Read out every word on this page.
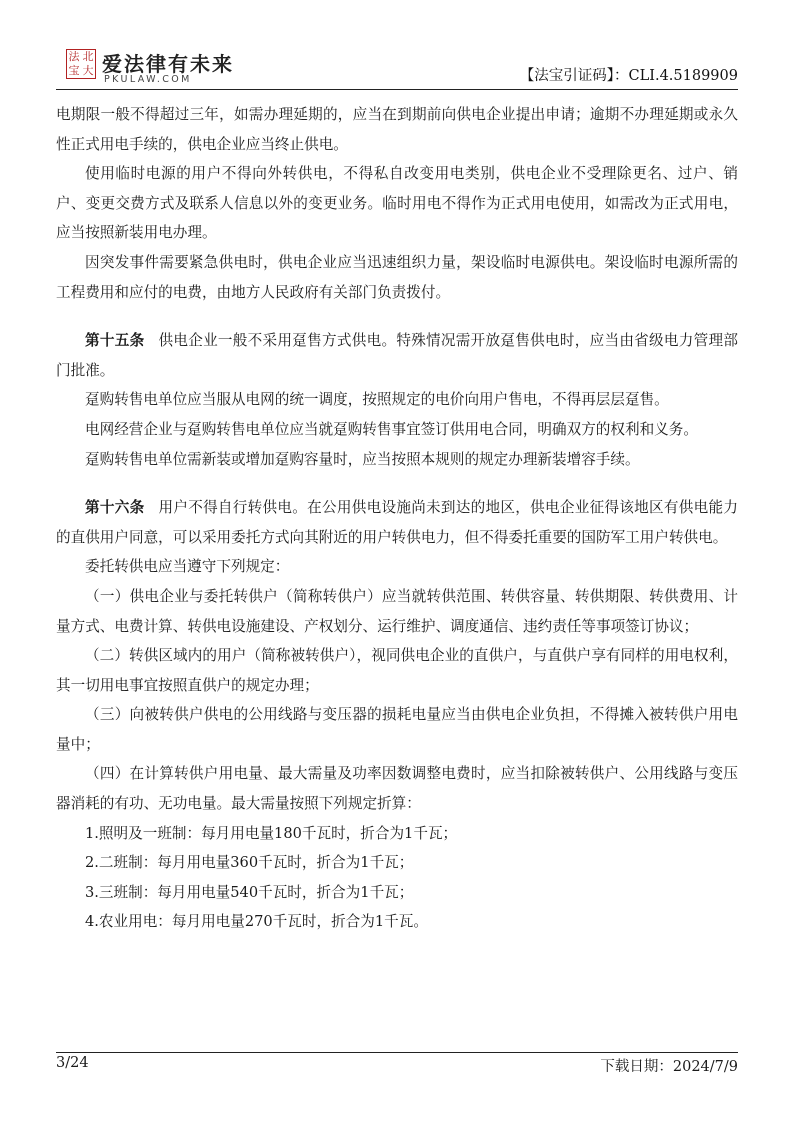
法 北
宝 大 爱法律有未来
PKULAW.COM	【法宝引证码】：CLI.4.5189909

电期限一般不得超过三年，如需办理延期的，应当在到期前向供电企业提出申请；逾期不办理延期或永久性正式用电手续的，供电企业应当终止供电。

使用临时电源的用户不得向外转供电，不得私自改变用电类别，供电企业不受理除更名、过户、销户、变更交费方式及联系人信息以外的变更业务。临时用电不得作为正式用电使用，如需改为正式用电，应当按照新装用电办理。

因突发事件需要紧急供电时，供电企业应当迅速组织力量，架设临时电源供电。架设临时电源所需的工程费用和应付的电费，由地方人民政府有关部门负责拨付。

第十五条 供电企业一般不采用趸售方式供电。特殊情况需开放趸售供电时，应当由省级电力管理部门批准。

趸购转售电单位应当服从电网的统一调度，按照规定的电价向用户售电，不得再层层趸售。

电网经营企业与趸购转售电单位应当就趸购转售事宜签订供用电合同，明确双方的权利和义务。

趸购转售电单位需新装或增加趸购容量时，应当按照本规则的规定办理新装增容手续。

第十六条 用户不得自行转供电。在公用供电设施尚未到达的地区，供电企业征得该地区有供电能力的直供用户同意，可以采用委托方式向其附近的用户转供电力，但不得委托重要的国防军工用户转供电。

委托转供电应当遵守下列规定：

（一）供电企业与委托转供户（简称转供户）应当就转供范围、转供容量、转供期限、转供费用、计量方式、电费计算、转供电设施建设、产权划分、运行维护、调度通信、违约责任等事项签订协议；

（二）转供区域内的用户（简称被转供户），视同供电企业的直供户，与直供户享有同样的用电权利，其一切用电事宜按照直供户的规定办理；

（三）向被转供户供电的公用线路与变压器的损耗电量应当由供电企业负担，不得摊入被转供户用电量中；

（四）在计算转供户用电量、最大需量及功率因数调整电费时，应当扣除被转供户、公用线路与变压器消耗的有功、无功电量。最大需量按照下列规定折算：

1.照明及一班制：每月用电量180千瓦时，折合为1千瓦；

2.二班制：每月用电量360千瓦时，折合为1千瓦；

3.三班制：每月用电量540千瓦时，折合为1千瓦；

4.农业用电：每月用电量270千瓦时，折合为1千瓦。

3/24	下载日期：2024/7/9
